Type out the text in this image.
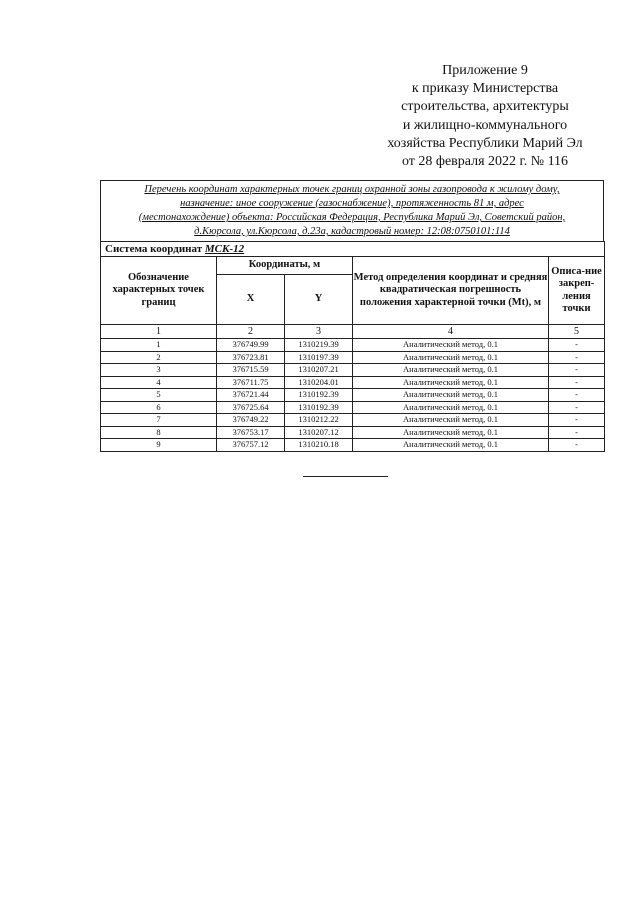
Приложение 9
к приказу Министерства
строительства, архитектуры
и жилищно-коммунального
хозяйства Республики Марий Эл
от 28 февраля 2022 г. № 116
Перечень координат характерных точек границ охранной зоны газопровода к жилому дому,
назначение: иное сооружение (газоснабжение), протяженность 81 м, адрес
(местонахождение) объекта: Российская Федерация, Республика Марий Эл, Советский район,
д.Кюрсола, ул.Кюрсола, д.23а, кадастровый номер: 12:08:0750101:114
Система координат МСК-12				
Обозначение характерных точек границ	Координаты, м		Метод определения координат и средняя квадратическая погрешность положения характерной точки (Mt), м	Описа-ние закреп-ления точки
	X	Y		
1	2	3	4	5
1	376749.99	1310219.39	Аналитический метод, 0.1	-
2	376723.81	1310197.39	Аналитический метод, 0.1	-
3	376715.59	1310207.21	Аналитический метод, 0.1	-
4	376711.75	1310204.01	Аналитический метод, 0.1	-
5	376721.44	1310192.39	Аналитический метод, 0.1	-
6	376725.64	1310192.39	Аналитический метод, 0.1	-
7	376749.22	1310212.22	Аналитический метод, 0.1	-
8	376753.17	1310207.12	Аналитический метод, 0.1	-
9	376757.12	1310210.18	Аналитический метод, 0.1	-
